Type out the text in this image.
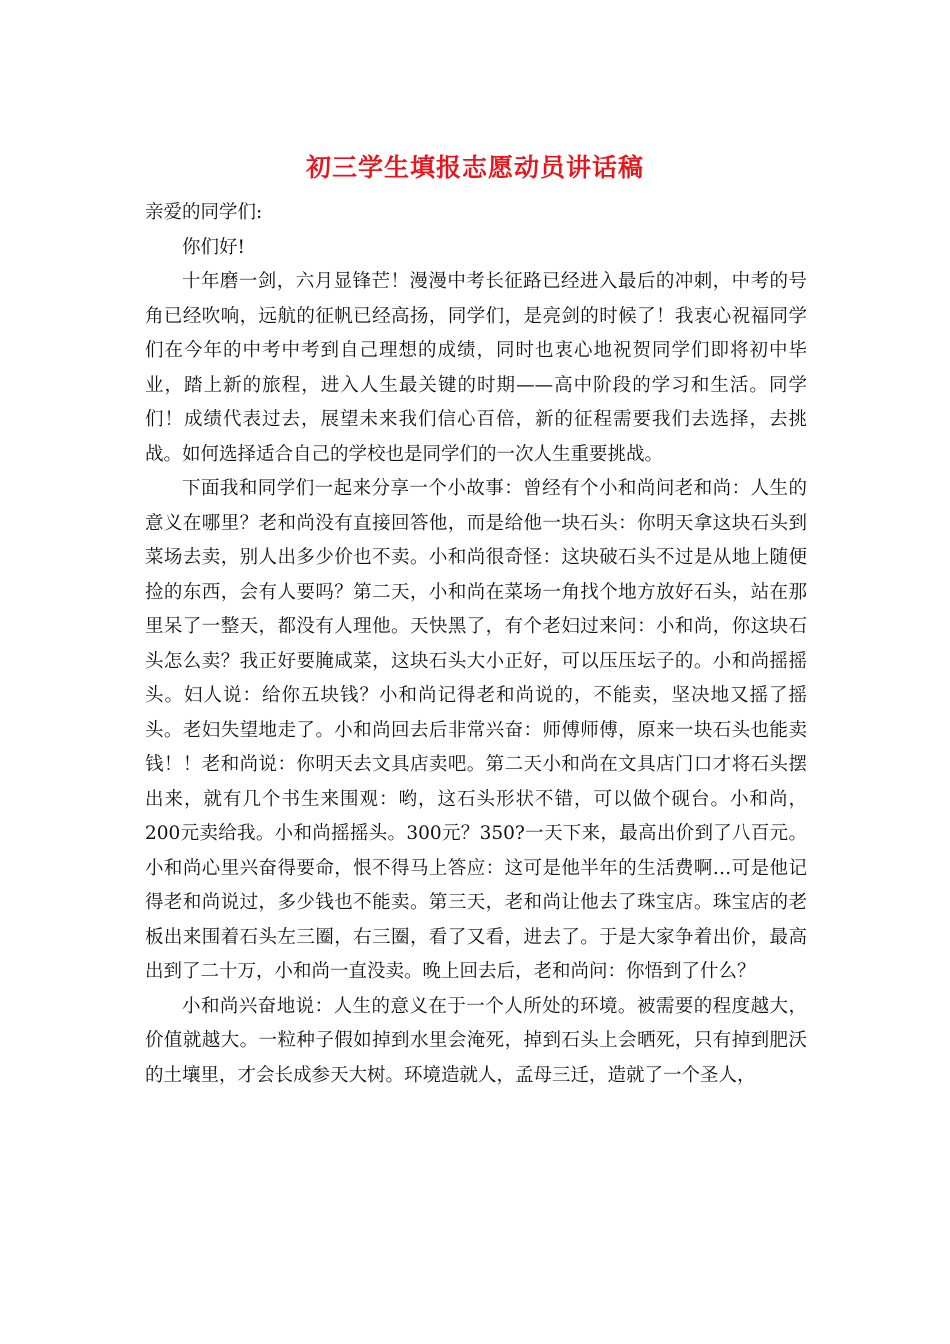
初三学生填报志愿动员讲话稿

亲爱的同学们:

你们好!

十年磨一剑，六月显锋芒！漫漫中考长征路已经进入最后的冲刺，中考的号角已经吹响，远航的征帆已经高扬，同学们，是亮剑的时候了！我衷心祝福同学们在今年的中考中考到自己理想的成绩，同时也衷心地祝贺同学们即将初中毕业，踏上新的旅程，进入人生最关键的时期——高中阶段的学习和生活。同学们！成绩代表过去，展望未来我们信心百倍，新的征程需要我们去选择，去挑战。如何选择适合自己的学校也是同学们的一次人生重要挑战。

下面我和同学们一起来分享一个小故事：曾经有个小和尚问老和尚：人生的意义在哪里？老和尚没有直接回答他，而是给他一块石头：你明天拿这块石头到菜场去卖，别人出多少价也不卖。小和尚很奇怪：这块破石头不过是从地上随便捡的东西，会有人要吗？第二天，小和尚在菜场一角找个地方放好石头，站在那里呆了一整天，都没有人理他。天快黑了，有个老妇过来问：小和尚，你这块石头怎么卖？我正好要腌咸菜，这块石头大小正好，可以压压坛子的。小和尚摇摇头。妇人说：给你五块钱？小和尚记得老和尚说的，不能卖，坚决地又摇了摇头。老妇失望地走了。小和尚回去后非常兴奋：师傅师傅，原来一块石头也能卖钱！！老和尚说：你明天去文具店卖吧。第二天小和尚在文具店门口才将石头摆出来，就有几个书生来围观：哟，这石头形状不错，可以做个砚台。小和尚，200元卖给我。小和尚摇摇头。300元？350?一天下来，最高出价到了八百元。小和尚心里兴奋得要命，恨不得马上答应：这可是他半年的生活费啊…可是他记得老和尚说过，多少钱也不能卖。第三天，老和尚让他去了珠宝店。珠宝店的老板出来围着石头左三圈，右三圈，看了又看，进去了。于是大家争着出价，最高出到了二十万，小和尚一直没卖。晚上回去后，老和尚问：你悟到了什么？

小和尚兴奋地说：人生的意义在于一个人所处的环境。被需要的程度越大，价值就越大。一粒种子假如掉到水里会淹死，掉到石头上会晒死，只有掉到肥沃的土壤里，才会长成参天大树。环境造就人，孟母三迁，造就了一个圣人，
